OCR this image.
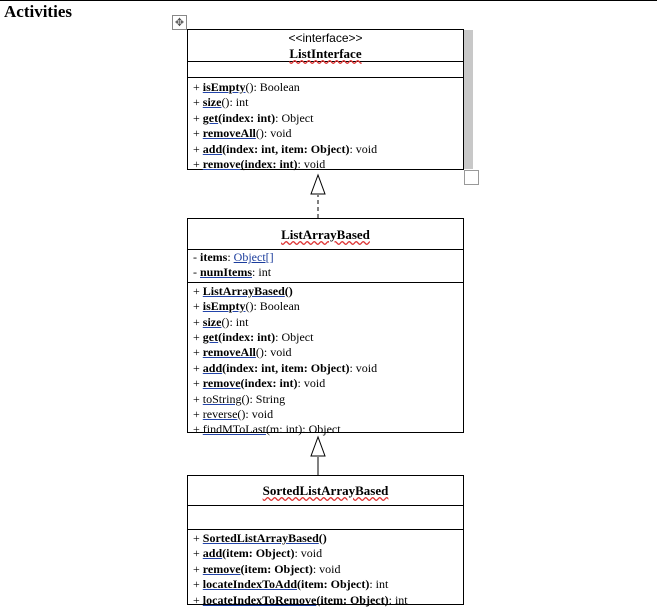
Activities
✥
<<interface>>
ListInterface
+ isEmpty(): Boolean
+ size(): int
+ get(index: int): Object
+ removeAll(): void
+ add(index: int, item: Object): void
+ remove(index: int): void
ListArrayBased
- items: Object[]
- numItems: int
+ ListArrayBased()
+ isEmpty(): Boolean
+ size(): int
+ get(index: int): Object
+ removeAll(): void
+ add(index: int, item: Object): void
+ remove(index: int): void
+ toString(): String
+ reverse(): void
+ findMToLast(m: int): Object
SortedListArrayBased
+ SortedListArrayBased()
+ add(item: Object): void
+ remove(item: Object): void
+ locateIndexToAdd(item: Object): int
+ locateIndexToRemove(item: Object): int
